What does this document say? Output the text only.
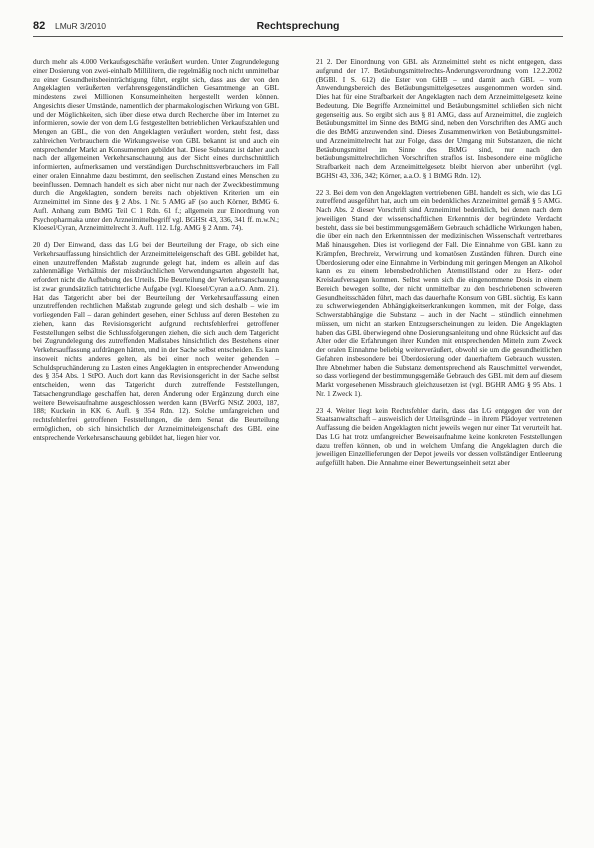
82 LMuR 3/2010	Rechtsprechung

durch mehr als 4.000 Verkaufsgeschäfte veräußert wurden. Unter Zugrundelegung einer Dosierung von zwei-einhalb Millilitern, die regelmäßig noch nicht unmittelbar zu einer Gesundheitsbeeinträchtigung führt, ergibt sich, dass aus der von den Angeklagten veräußerten verfahrensgegenständlichen Gesamtmenge an GBL mindestens zwei Millionen Konsumeinheiten hergestellt werden können. Angesichts dieser Umstände, namentlich der pharmakologischen Wirkung von GBL und der Möglichkeiten, sich über diese etwa durch Recherche über im Internet zu informieren, sowie der von dem LG festgestellten betrieblichen Verkaufszahlen und Mengen an GBL, die von den Angeklagten veräußert worden, steht fest, dass zahlreichen Verbrauchern die Wirkungsweise von GBL bekannt ist und auch ein entsprechender Markt an Konsumenten gebildet hat. Diese Substanz ist daher auch nach der allgemeinen Verkehrsanschauung aus der Sicht eines durchschnittlich informierten, aufmerksamen und verständigen Durchschnittsverbrauchers im Fall einer oralen Einnahme dazu bestimmt, den seelischen Zustand eines Menschen zu beeinflussen. Demnach handelt es sich aber nicht nur nach der Zweckbestimmung durch die Angeklagten, sondern bereits nach objektiven Kriterien um ein Arzneimittel im Sinne des § 2 Abs. 1 Nr. 5 AMG aF (so auch Körner, BtMG 6. Aufl. Anhang zum BtMG Teil C 1 Rdn. 61 f.; allgemein zur Einordnung von Psychopharmaka unter den Arzneimittelbegriff vgl. BGHSt 43, 336, 341 ff. m.w.N.; Kloesel/Cyran, Arzneimittelrecht 3. Aufl. 112. Lfg. AMG § 2 Anm. 74).

20 d) Der Einwand, dass das LG bei der Beurteilung der Frage, ob sich eine Verkehrsauffassung hinsichtlich der Arzneimitteleigenschaft des GBL gebildet hat, einen unzutreffenden Maßstab zugrunde gelegt hat, indem es allein auf das zahlenmäßige Verhältnis der missbräuchlichen Verwendungsarten abgestellt hat, erfordert nicht die Aufhebung des Urteils. Die Beurteilung der Verkehrsanschauung ist zwar grundsätzlich tatrichterliche Aufgabe (vgl. Kloesel/Cyran a.a.O. Anm. 21). Hat das Tatgericht aber bei der Beurteilung der Verkehrsauffassung einen unzutreffenden rechtlichen Maßstab zugrunde gelegt und sich deshalb – wie im vorliegenden Fall – daran gehindert gesehen, einer Schluss auf deren Bestehen zu ziehen, kann das Revisionsgericht aufgrund rechtsfehlerfrei getroffener Feststellungen selbst die Schlussfolgerungen ziehen, die sich auch dem Tatgericht bei Zugrundelegung des zutreffenden Maßstabes hinsichtlich des Bestehens einer Verkehrsauffassung aufdrängen hätten, und in der Sache selbst entscheiden. Es kann insoweit nichts anderes gelten, als bei einer noch weiter gehenden – Schuldspruchänderung zu Lasten eines Angeklagten in entsprechender Anwendung des § 354 Abs. 1 StPO. Auch dort kann das Revisionsgericht in der Sache selbst entscheiden, wenn das Tatgericht durch zutreffende Feststellungen, Tatsachengrundlage geschaffen hat, deren Änderung oder Ergänzung durch eine weitere Beweisaufnahme ausgeschlossen werden kann (BVerfG NStZ 2003, 187, 188; Kuckein in KK 6. Aufl. § 354 Rdn. 12). Solche umfangreichen und rechtsfehlerfrei getroffenen Feststellungen, die dem Senat die Beurteilung ermöglichen, ob sich hinsichtlich der Arzneimitteleigenschaft des GBL eine entsprechende Verkehrsanschauung gebildet hat, liegen hier vor.

21 2. Der Einordnung von GBL als Arzneimittel steht es nicht entgegen, dass aufgrund der 17. Betäubungsmittelrechts-Änderungsverordnung vom 12.2.2002 (BGBl. I S. 612) die Ester von GHB – und damit auch GBL – vom Anwendungsbereich des Betäubungsmittelgesetzes ausgenommen worden sind. Dies hat für eine Strafbarkeit der Angeklagten nach dem Arzneimittelgesetz keine Bedeutung. Die Begriffe Arzneimittel und Betäubungsmittel schließen sich nicht gegenseitig aus. So ergibt sich aus § 81 AMG, dass auf Arzneimittel, die zugleich Betäubungsmittel im Sinne des BtMG sind, neben den Vorschriften des AMG auch die des BtMG anzuwenden sind. Dieses Zusammenwirken von Betäubungsmittel- und Arzneimittelrecht hat zur Folge, dass der Umgang mit Substanzen, die nicht Betäubungsmittel im Sinne des BtMG sind, nur nach den betäubungsmittelrechtlichen Vorschriften straflos ist. Insbesondere eine mögliche Strafbarkeit nach dem Arzneimittelgesetz bleibt hiervon aber unberührt (vgl. BGHSt 43, 336, 342; Körner, a.a.O. § 1 BtMG Rdn. 12).

22 3. Bei dem von den Angeklagten vertriebenen GBL handelt es sich, wie das LG zutreffend ausgeführt hat, auch um ein bedenkliches Arzneimittel gemäß § 5 AMG. Nach Abs. 2 dieser Vorschrift sind Arzneimittel bedenklich, bei denen nach dem jeweiligen Stand der wissenschaftlichen Erkenntnis der begründete Verdacht besteht, dass sie bei bestimmungsgemäßem Gebrauch schädliche Wirkungen haben, die über ein nach den Erkenntnissen der medizinischen Wissenschaft vertretbares Maß hinausgehen. Dies ist vorliegend der Fall. Die Einnahme von GBL kann zu Krämpfen, Brechreiz, Verwirrung und komatösen Zuständen führen. Durch eine Überdosierung oder eine Einnahme in Verbindung mit geringen Mengen an Alkohol kann es zu einem lebensbedrohlichen Atemstillstand oder zu Herz- oder Kreislaufversagen kommen. Selbst wenn sich die eingenommene Dosis in einem Bereich bewegen sollte, der nicht unmittelbar zu den beschriebenen schweren Gesundheitsschäden führt, mach das dauerhafte Konsum von GBL süchtig. Es kann zu schwerwiegenden Abhängigkeitserkrankungen kommen, mit der Folge, dass Schwerstabhängige die Substanz – auch in der Nacht – stündlich einnehmen müssen, um nicht an starken Entzugserscheinungen zu leiden. Die Angeklagten haben das GBL überwiegend ohne Dosierungsanleitung und ohne Rücksicht auf das Alter oder die Erfahrungen ihrer Kunden mit entsprechenden Mitteln zum Zweck der oralen Einnahme beliebig weiterveräußert, obwohl sie um die gesundheitlichen Gefahren insbesondere bei Überdosierung oder dauerhaftem Gebrauch wussten. Ihre Abnehmer haben die Substanz dementsprechend als Rauschmittel verwendet, so dass vorliegend der bestimmungsgemäße Gebrauch des GBL mit dem auf diesem Markt vorgesehenen Missbrauch gleichzusetzen ist (vgl. BGHR AMG § 95 Abs. 1 Nr. 1 Zweck 1).

23 4. Weiter liegt kein Rechtsfehler darin, dass das LG entgegen der von der Staatsanwaltschaft – ausweislich der Urteilsgründe – in ihrem Plädoyer vertretenen Auffassung die beiden Angeklagten nicht jeweils wegen nur einer Tat verurteilt hat. Das LG hat trotz umfangreicher Beweisaufnahme keine konkreten Feststellungen dazu treffen können, ob und in welchem Umfang die Angeklagten durch die jeweiligen Einzellieferungen der Depot jeweils vor dessen vollständiger Entleerung aufgefüllt haben. Die Annahme einer Bewertungseinheit setzt aber
